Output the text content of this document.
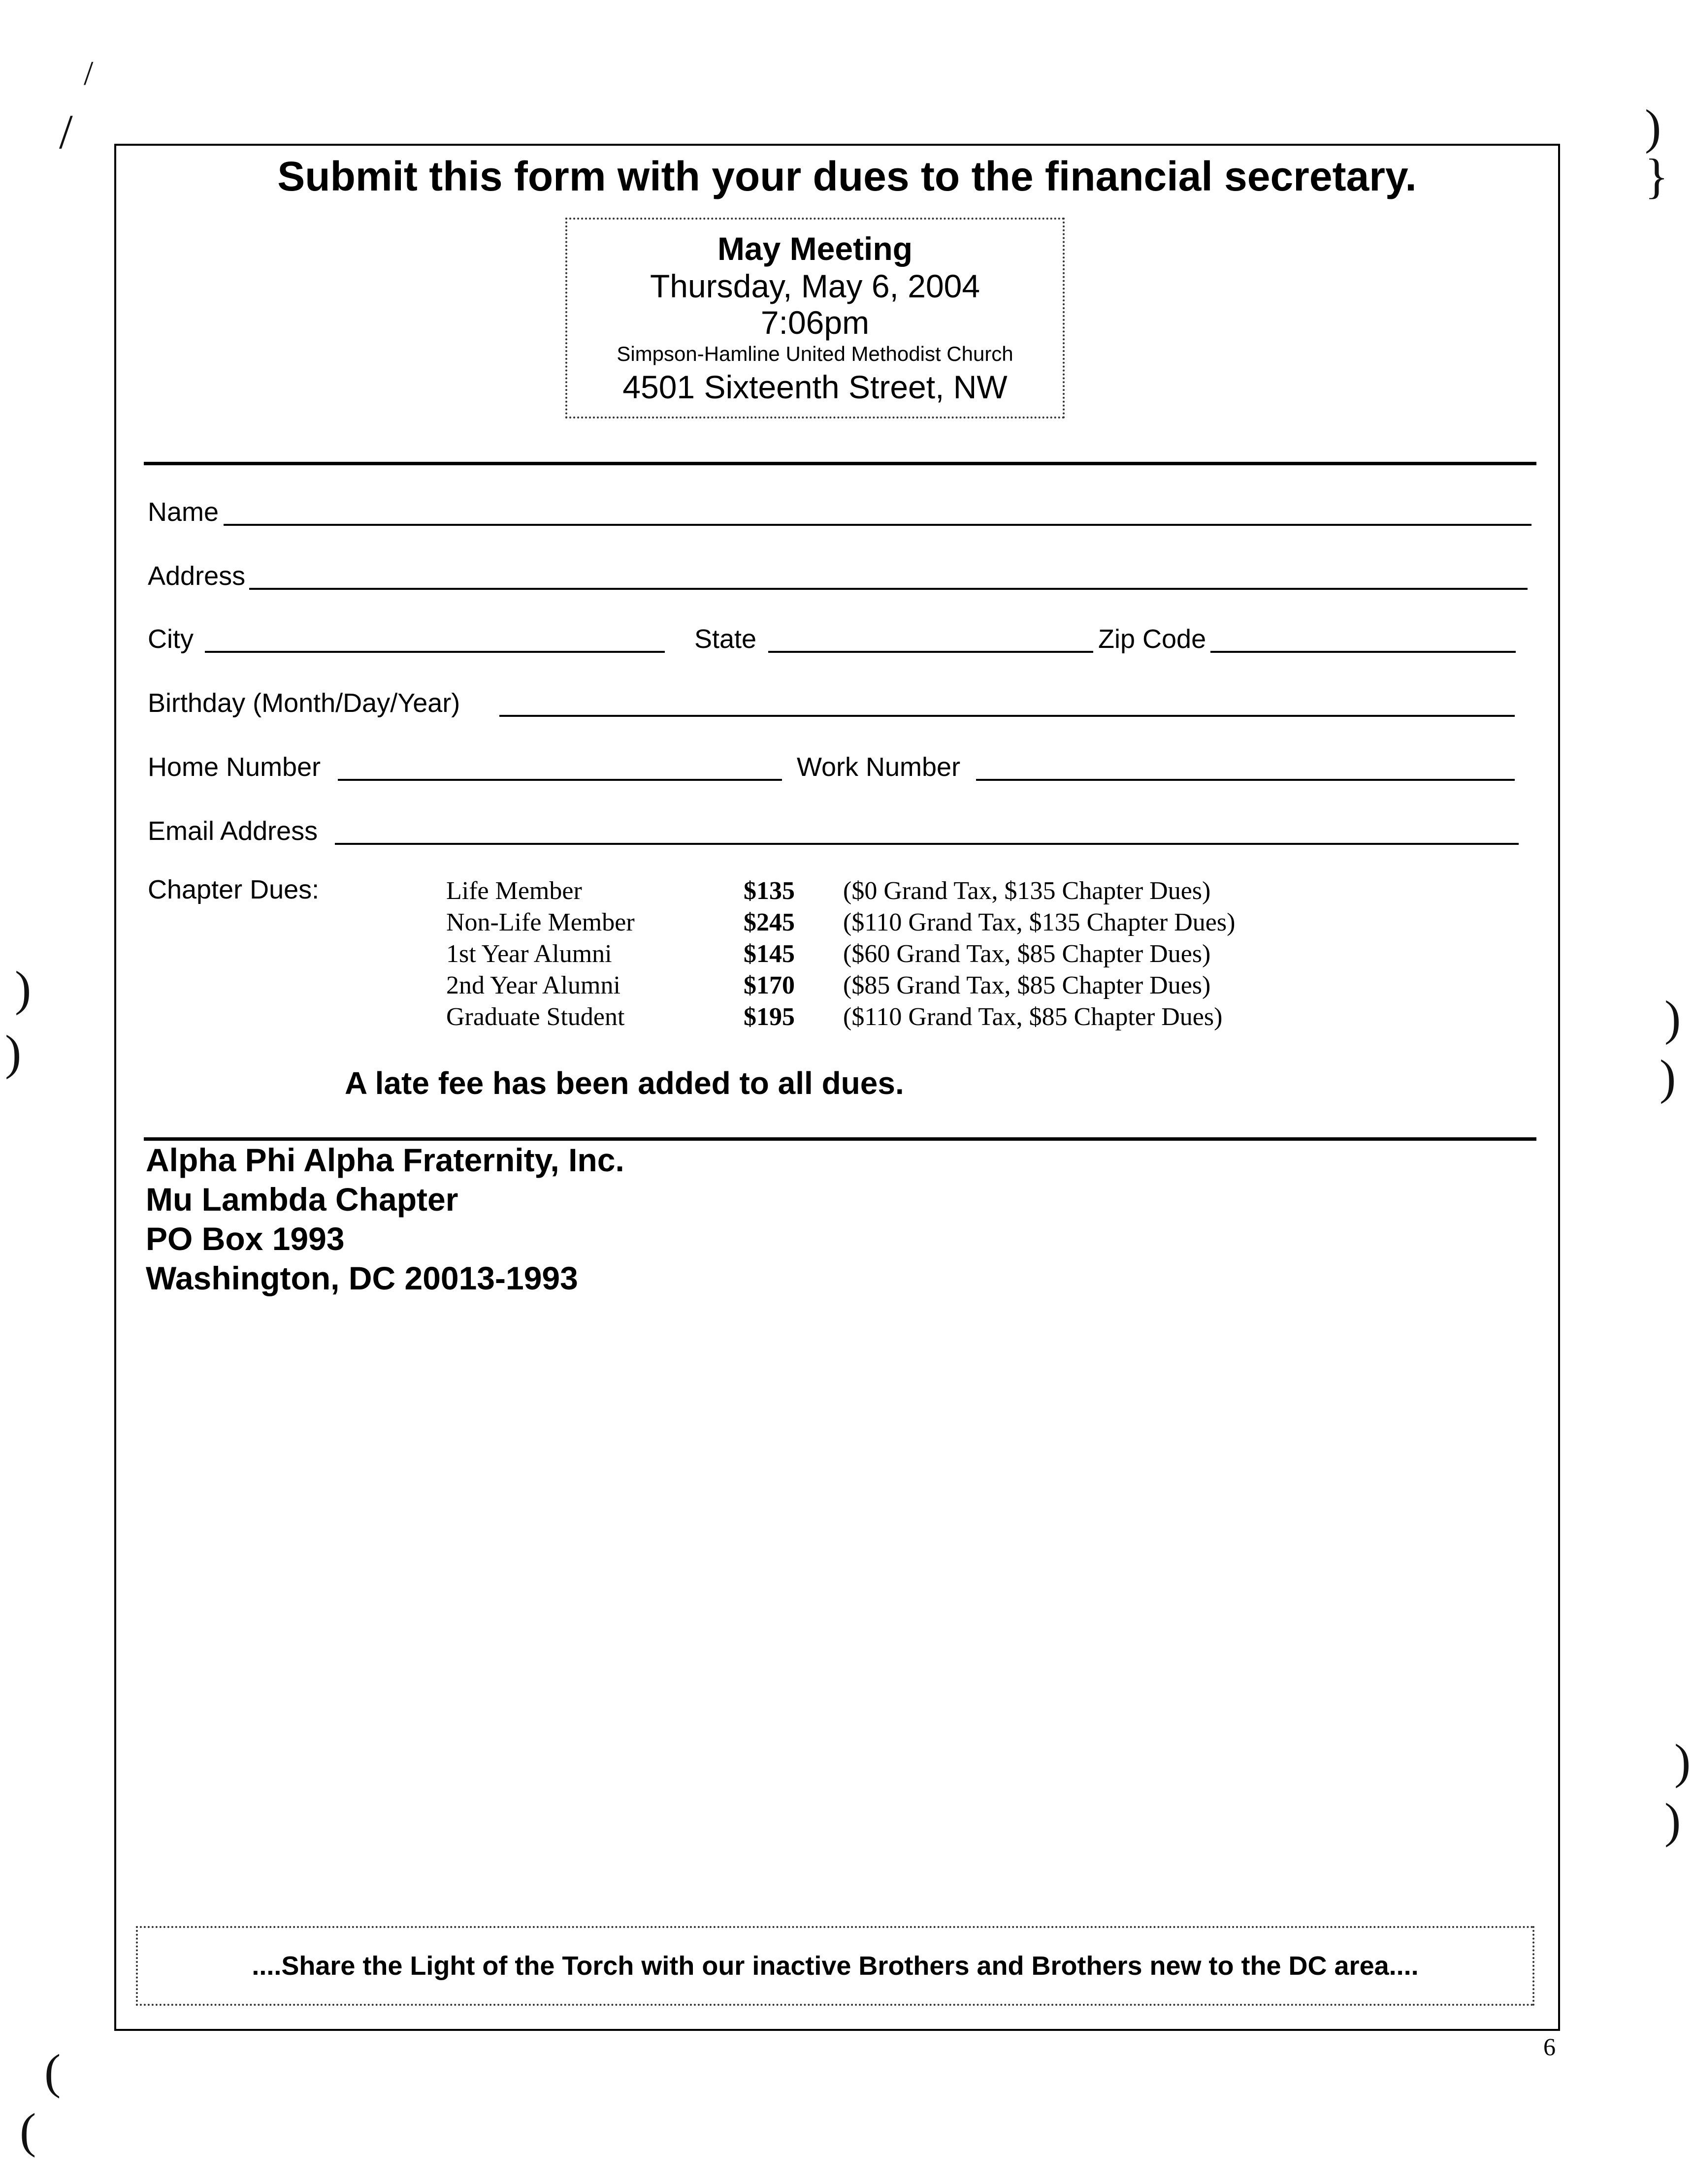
Submit this form with your dues to the financial secretary.
May Meeting
Thursday, May 6, 2004
7:06pm
Simpson-Hamline United Methodist Church
4501 Sixteenth Street, NW
Name
Address
City	State	Zip Code
Birthday (Month/Day/Year)
Home Number	Work Number
Email Address
Chapter Dues:	Life Member	$135 ($0 Grand Tax, $135 Chapter Dues)
Non-Life Member	$245 ($110 Grand Tax, $135 Chapter Dues)
1st Year Alumni	$145 ($60 Grand Tax, $85 Chapter Dues)
2nd Year Alumni	$170 ($85 Grand Tax, $85 Chapter Dues)
Graduate Student	$195 ($110 Grand Tax, $85 Chapter Dues)
A late fee has been added to all dues.
Alpha Phi Alpha Fraternity, Inc.
Mu Lambda Chapter
PO Box 1993
Washington, DC 20013-1993
....Share the Light of the Torch with our inactive Brothers and Brothers new to the DC area....
6
/
/
)
}
)
)
)
)
)
)
(
(
